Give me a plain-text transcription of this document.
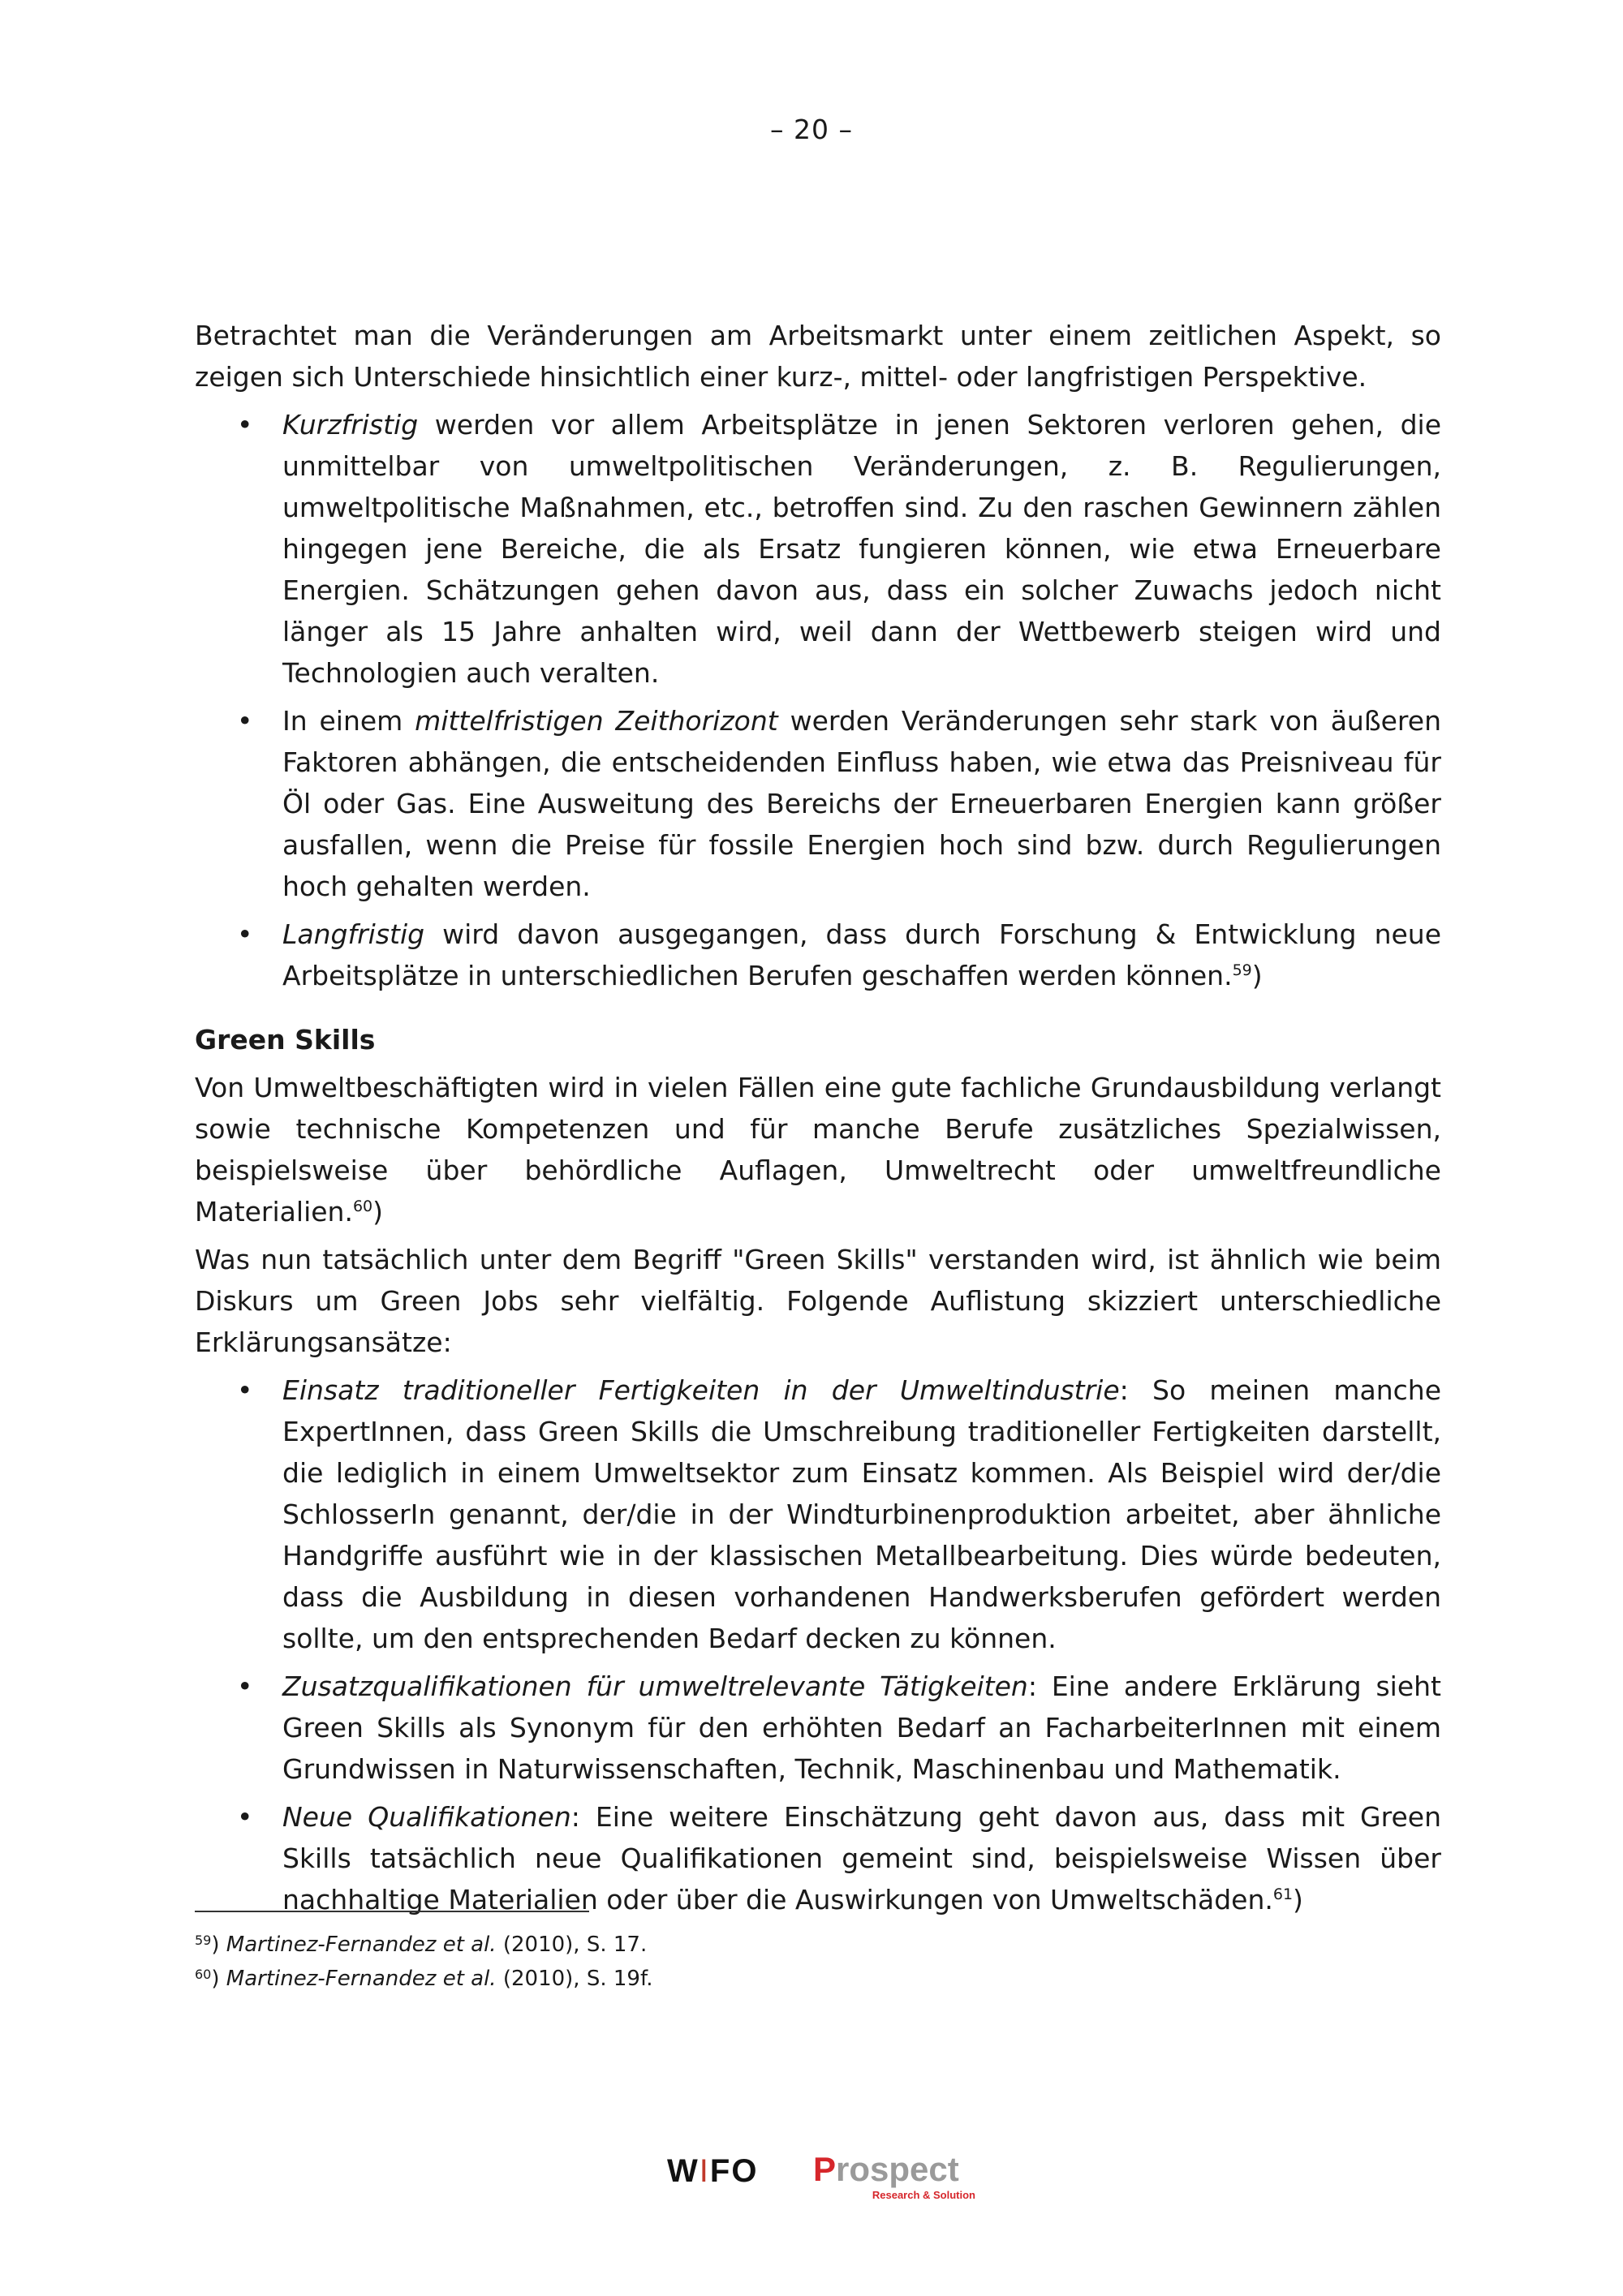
– 20 –

Betrachtet man die Veränderungen am Arbeitsmarkt unter einem zeitlichen Aspekt, so zeigen sich Unterschiede hinsichtlich einer kurz-, mittel- oder langfristigen Perspektive.

• Kurzfristig werden vor allem Arbeitsplätze in jenen Sektoren verloren gehen, die unmittelbar von umweltpolitischen Veränderungen, z. B. Regulierungen, umweltpolitische Maßnahmen, etc., betroffen sind. Zu den raschen Gewinnern zählen hingegen jene Bereiche, die als Ersatz fungieren können, wie etwa Erneuerbare Energien. Schätzungen gehen davon aus, dass ein solcher Zuwachs jedoch nicht länger als 15 Jahre anhalten wird, weil dann der Wettbewerb steigen wird und Technologien auch veralten.
• In einem mittelfristigen Zeithorizont werden Veränderungen sehr stark von äußeren Faktoren abhängen, die entscheidenden Einfluss haben, wie etwa das Preisniveau für Öl oder Gas. Eine Ausweitung des Bereichs der Erneuerbaren Energien kann größer ausfallen, wenn die Preise für fossile Energien hoch sind bzw. durch Regulierungen hoch gehalten werden.
• Langfristig wird davon ausgegangen, dass durch Forschung & Entwicklung neue Arbeitsplätze in unterschiedlichen Berufen geschaffen werden können.$^{59}$)
Green Skills

Von Umweltbeschäftigten wird in vielen Fällen eine gute fachliche Grundausbildung verlangt sowie technische Kompetenzen und für manche Berufe zusätzliches Spezialwissen, beispielsweise über behördliche Auflagen, Umweltrecht oder umweltfreundliche Materialien.$^{60}$)

Was nun tatsächlich unter dem Begriff "Green Skills" verstanden wird, ist ähnlich wie beim Diskurs um Green Jobs sehr vielfältig. Folgende Auflistung skizziert unterschiedliche Erklärungsansätze:

• Einsatz traditioneller Fertigkeiten in der Umweltindustrie: So meinen manche ExpertInnen, dass Green Skills die Umschreibung traditioneller Fertigkeiten darstellt, die lediglich in einem Umweltsektor zum Einsatz kommen. Als Beispiel wird der/die SchlosserIn genannt, der/die in der Windturbinenproduktion arbeitet, aber ähnliche Handgriffe ausführt wie in der klassischen Metallbearbeitung. Dies würde bedeuten, dass die Ausbildung in diesen vorhandenen Handwerksberufen gefördert werden sollte, um den entsprechenden Bedarf decken zu können.
• Zusatzqualifikationen für umweltrelevante Tätigkeiten: Eine andere Erklärung sieht Green Skills als Synonym für den erhöhten Bedarf an FacharbeiterInnen mit einem Grundwissen in Naturwissenschaften, Technik, Maschinenbau und Mathematik.
• Neue Qualifikationen: Eine weitere Einschätzung geht davon aus, dass mit Green Skills tatsächlich neue Qualifikationen gemeint sind, beispielsweise Wissen über nachhaltige Materialien oder über die Auswirkungen von Umweltschäden.$^{61}$)

$^{59}$) Martinez-Fernandez et al. (2010), S. 17.

$^{60}$) Martinez-Fernandez et al. (2010), S. 19f.

WIFO Prospect
Research & Solution
